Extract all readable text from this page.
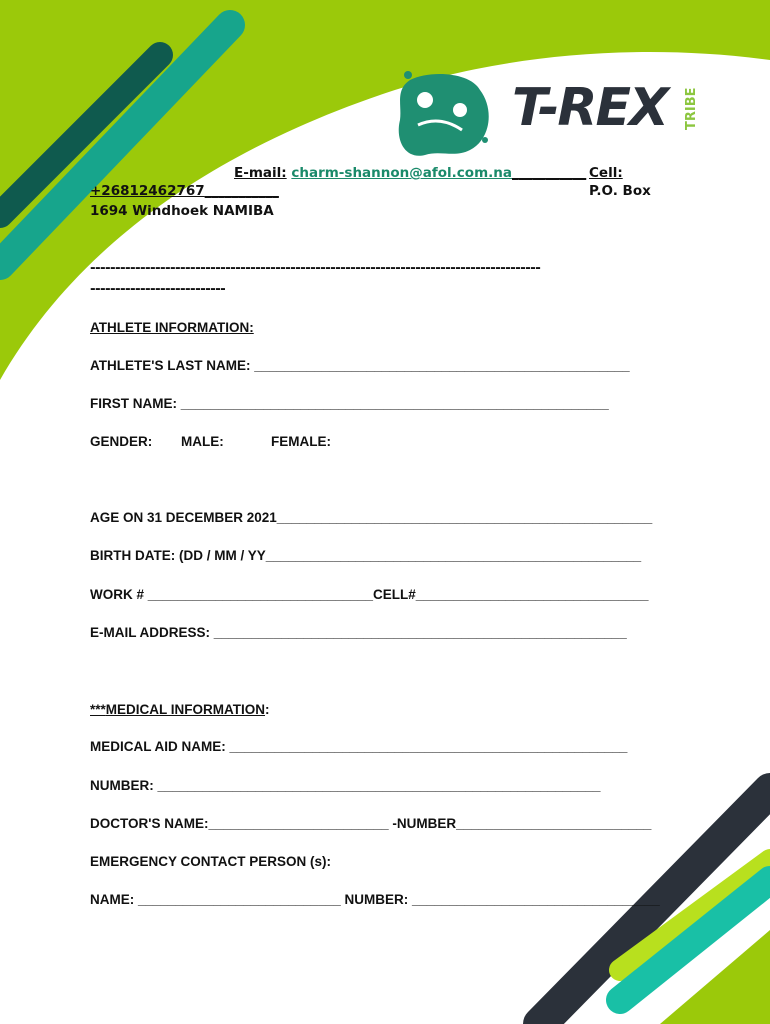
T-REX TRIBE
E-mail: charm-shannon@afol.com.na___________ Cell:
+26812462767___________	P.O. Box
1694 Windhoek NAMIBA
------------------------------------------------------------------------------------------
---------------------------
ATHLETE INFORMATION:
ATHLETE'S LAST NAME: __________________________________________________
FIRST NAME: _________________________________________________________
GENDER: MALE:	FEMALE:
AGE ON 31 DECEMBER 2021__________________________________________________
BIRTH DATE: (DD / MM / YY__________________________________________________
WORK # ______________________________CELL#_______________________________
E-MAIL ADDRESS: _______________________________________________________
***MEDICAL INFORMATION:
MEDICAL AID NAME: _____________________________________________________
NUMBER: ___________________________________________________________
DOCTOR'S NAME:________________________ -NUMBER__________________________
EMERGENCY CONTACT PERSON (s):
NAME: ___________________________ NUMBER: _________________________________
